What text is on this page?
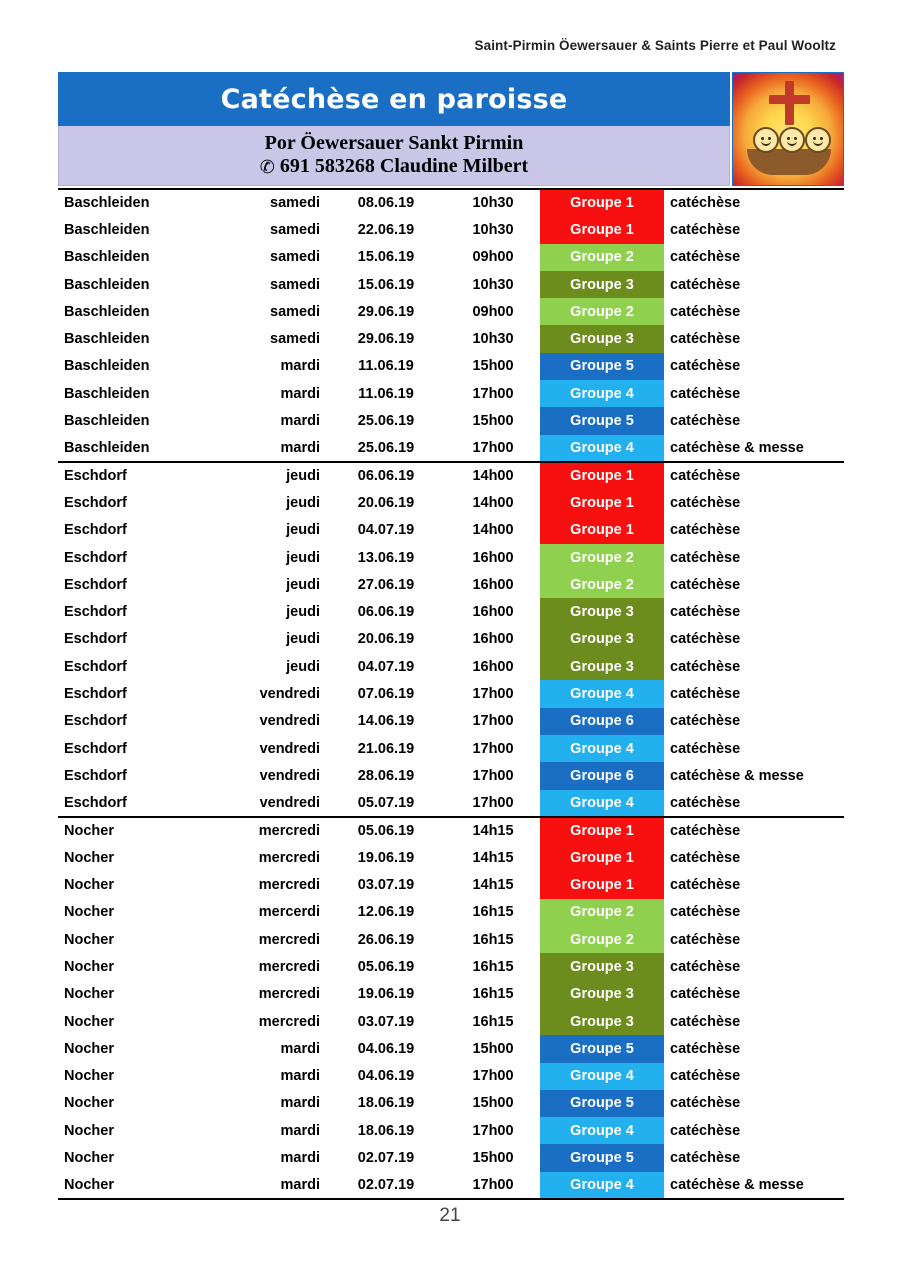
Saint-Pirmin Öewersauer & Saints Pierre et Paul Wooltz
Catéchèse en paroisse
Por Öewersauer Sankt Pirmin
✆ 691 583268 Claudine Milbert
Baschleiden	samedi	08.06.19	10h30	Groupe 1	catéchèse
Baschleiden	samedi	22.06.19	10h30	Groupe 1	catéchèse
Baschleiden	samedi	15.06.19	09h00	Groupe 2	catéchèse
Baschleiden	samedi	15.06.19	10h30	Groupe 3	catéchèse
Baschleiden	samedi	29.06.19	09h00	Groupe 2	catéchèse
Baschleiden	samedi	29.06.19	10h30	Groupe 3	catéchèse
Baschleiden	mardi	11.06.19	15h00	Groupe 5	catéchèse
Baschleiden	mardi	11.06.19	17h00	Groupe 4	catéchèse
Baschleiden	mardi	25.06.19	15h00	Groupe 5	catéchèse
Baschleiden	mardi	25.06.19	17h00	Groupe 4	catéchèse & messe
Eschdorf	jeudi	06.06.19	14h00	Groupe 1	catéchèse
Eschdorf	jeudi	20.06.19	14h00	Groupe 1	catéchèse
Eschdorf	jeudi	04.07.19	14h00	Groupe 1	catéchèse
Eschdorf	jeudi	13.06.19	16h00	Groupe 2	catéchèse
Eschdorf	jeudi	27.06.19	16h00	Groupe 2	catéchèse
Eschdorf	jeudi	06.06.19	16h00	Groupe 3	catéchèse
Eschdorf	jeudi	20.06.19	16h00	Groupe 3	catéchèse
Eschdorf	jeudi	04.07.19	16h00	Groupe 3	catéchèse
Eschdorf	vendredi	07.06.19	17h00	Groupe 4	catéchèse
Eschdorf	vendredi	14.06.19	17h00	Groupe 6	catéchèse
Eschdorf	vendredi	21.06.19	17h00	Groupe 4	catéchèse
Eschdorf	vendredi	28.06.19	17h00	Groupe 6	catéchèse & messe
Eschdorf	vendredi	05.07.19	17h00	Groupe 4	catéchèse
Nocher	mercredi	05.06.19	14h15	Groupe 1	catéchèse
Nocher	mercredi	19.06.19	14h15	Groupe 1	catéchèse
Nocher	mercredi	03.07.19	14h15	Groupe 1	catéchèse
Nocher	mercerdi	12.06.19	16h15	Groupe 2	catéchèse
Nocher	mercredi	26.06.19	16h15	Groupe 2	catéchèse
Nocher	mercredi	05.06.19	16h15	Groupe 3	catéchèse
Nocher	mercredi	19.06.19	16h15	Groupe 3	catéchèse
Nocher	mercredi	03.07.19	16h15	Groupe 3	catéchèse
Nocher	mardi	04.06.19	15h00	Groupe 5	catéchèse
Nocher	mardi	04.06.19	17h00	Groupe 4	catéchèse
Nocher	mardi	18.06.19	15h00	Groupe 5	catéchèse
Nocher	mardi	18.06.19	17h00	Groupe 4	catéchèse
Nocher	mardi	02.07.19	15h00	Groupe 5	catéchèse
Nocher	mardi	02.07.19	17h00	Groupe 4	catéchèse & messe
21
